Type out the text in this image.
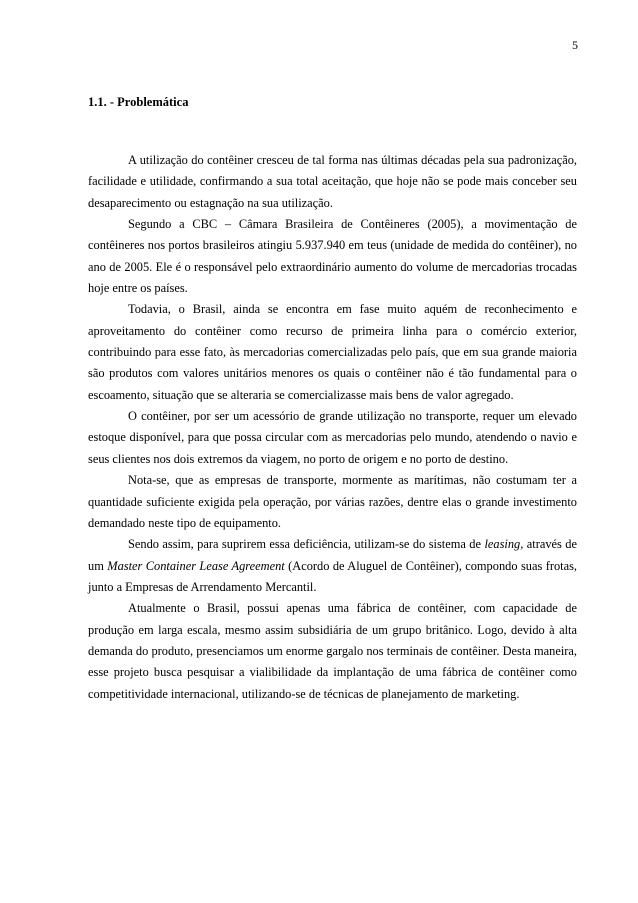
5
1.1. - Problemática

A utilização do contêiner cresceu de tal forma nas últimas décadas pela sua padronização, facilidade e utilidade, confirmando a sua total aceitação, que hoje não se pode mais conceber seu desaparecimento ou estagnação na sua utilização.

Segundo a CBC – Câmara Brasileira de Contêineres (2005), a movimentação de contêineres nos portos brasileiros atingiu 5.937.940 em teus (unidade de medida do contêiner), no ano de 2005. Ele é o responsável pelo extraordinário aumento do volume de mercadorias trocadas hoje entre os países.

Todavia, o Brasil, ainda se encontra em fase muito aquém de reconhecimento e aproveitamento do contêiner como recurso de primeira linha para o comércio exterior, contribuindo para esse fato, às mercadorias comercializadas pelo país, que em sua grande maioria são produtos com valores unitários menores os quais o contêiner não é tão fundamental para o escoamento, situação que se alteraria se comercializasse mais bens de valor agregado.

O contêiner, por ser um acessório de grande utilização no transporte, requer um elevado estoque disponível, para que possa circular com as mercadorias pelo mundo, atendendo o navio e seus clientes nos dois extremos da viagem, no porto de origem e no porto de destino.

Nota-se, que as empresas de transporte, mormente as marítimas, não costumam ter a quantidade suficiente exigida pela operação, por várias razões, dentre elas o grande investimento demandado neste tipo de equipamento.

Sendo assim, para suprirem essa deficiência, utilizam-se do sistema de leasing, através de um Master Container Lease Agreement (Acordo de Aluguel de Contêiner), compondo suas frotas, junto a Empresas de Arrendamento Mercantil.

Atualmente o Brasil, possui apenas uma fábrica de contêiner, com capacidade de produção em larga escala, mesmo assim subsidiária de um grupo britânico. Logo, devido à alta demanda do produto, presenciamos um enorme gargalo nos terminais de contêiner. Desta maneira, esse projeto busca pesquisar a vialibilidade da implantação de uma fábrica de contêiner como competitividade internacional, utilizando-se de técnicas de planejamento de marketing.
